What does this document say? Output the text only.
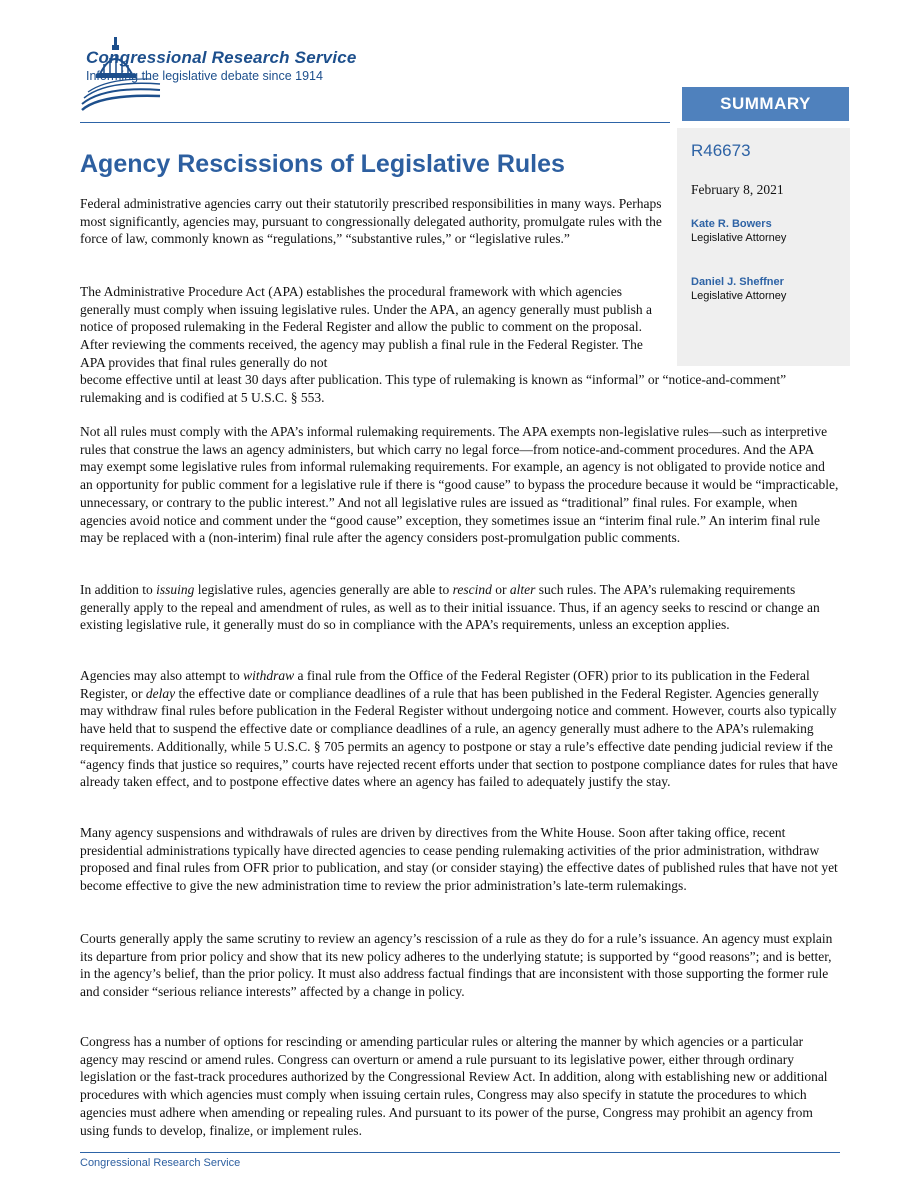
Congressional Research Service
Informing the legislative debate since 1914
SUMMARY
R46673
February 8, 2021
Kate R. Bowers
Legislative Attorney
Daniel J. Sheffner
Legislative Attorney
Agency Rescissions of Legislative Rules

Federal administrative agencies carry out their statutorily prescribed responsibilities in many ways. Perhaps most significantly, agencies may, pursuant to congressionally delegated authority, promulgate rules with the force of law, commonly known as “regulations,” “substantive rules,” or “legislative rules.”

The Administrative Procedure Act (APA) establishes the procedural framework with which agencies generally must comply when issuing legislative rules. Under the APA, an agency generally must publish a notice of proposed rulemaking in the Federal Register and allow the public to comment on the proposal. After reviewing the comments received, the agency may publish a final rule in the Federal Register. The APA provides that final rules generally do not

become effective until at least 30 days after publication. This type of rulemaking is known as “informal” or “notice-and-comment” rulemaking and is codified at 5 U.S.C. § 553.

Not all rules must comply with the APA’s informal rulemaking requirements. The APA exempts non-legislative rules—such as interpretive rules that construe the laws an agency administers, but which carry no legal force—from notice-and-comment procedures. And the APA may exempt some legislative rules from informal rulemaking requirements. For example, an agency is not obligated to provide notice and an opportunity for public comment for a legislative rule if there is “good cause” to bypass the procedure because it would be “impracticable, unnecessary, or contrary to the public interest.” And not all legislative rules are issued as “traditional” final rules. For example, when agencies avoid notice and comment under the “good cause” exception, they sometimes issue an “interim final rule.” An interim final rule may be replaced with a (non-interim) final rule after the agency considers post-promulgation public comments.

In addition to issuing legislative rules, agencies generally are able to rescind or alter such rules. The APA’s rulemaking requirements generally apply to the repeal and amendment of rules, as well as to their initial issuance. Thus, if an agency seeks to rescind or change an existing legislative rule, it generally must do so in compliance with the APA’s requirements, unless an exception applies.

Agencies may also attempt to withdraw a final rule from the Office of the Federal Register (OFR) prior to its publication in the Federal Register, or delay the effective date or compliance deadlines of a rule that has been published in the Federal Register. Agencies generally may withdraw final rules before publication in the Federal Register without undergoing notice and comment. However, courts also typically have held that to suspend the effective date or compliance deadlines of a rule, an agency generally must adhere to the APA’s rulemaking requirements. Additionally, while 5 U.S.C. § 705 permits an agency to postpone or stay a rule’s effective date pending judicial review if the “agency finds that justice so requires,” courts have rejected recent efforts under that section to postpone compliance dates for rules that have already taken effect, and to postpone effective dates where an agency has failed to adequately justify the stay.

Many agency suspensions and withdrawals of rules are driven by directives from the White House. Soon after taking office, recent presidential administrations typically have directed agencies to cease pending rulemaking activities of the prior administration, withdraw proposed and final rules from OFR prior to publication, and stay (or consider staying) the effective dates of published rules that have not yet become effective to give the new administration time to review the prior administration’s late-term rulemakings.

Courts generally apply the same scrutiny to review an agency’s rescission of a rule as they do for a rule’s issuance. An agency must explain its departure from prior policy and show that its new policy adheres to the underlying statute; is supported by “good reasons”; and is better, in the agency’s belief, than the prior policy. It must also address factual findings that are inconsistent with those supporting the former rule and consider “serious reliance interests” affected by a change in policy.

Congress has a number of options for rescinding or amending particular rules or altering the manner by which agencies or a particular agency may rescind or amend rules. Congress can overturn or amend a rule pursuant to its legislative power, either through ordinary legislation or the fast-track procedures authorized by the Congressional Review Act. In addition, along with establishing new or additional procedures with which agencies must comply when issuing certain rules, Congress may also specify in statute the procedures to which agencies must adhere when amending or repealing rules. And pursuant to its power of the purse, Congress may prohibit an agency from using funds to develop, finalize, or implement rules.

Congressional Research Service
